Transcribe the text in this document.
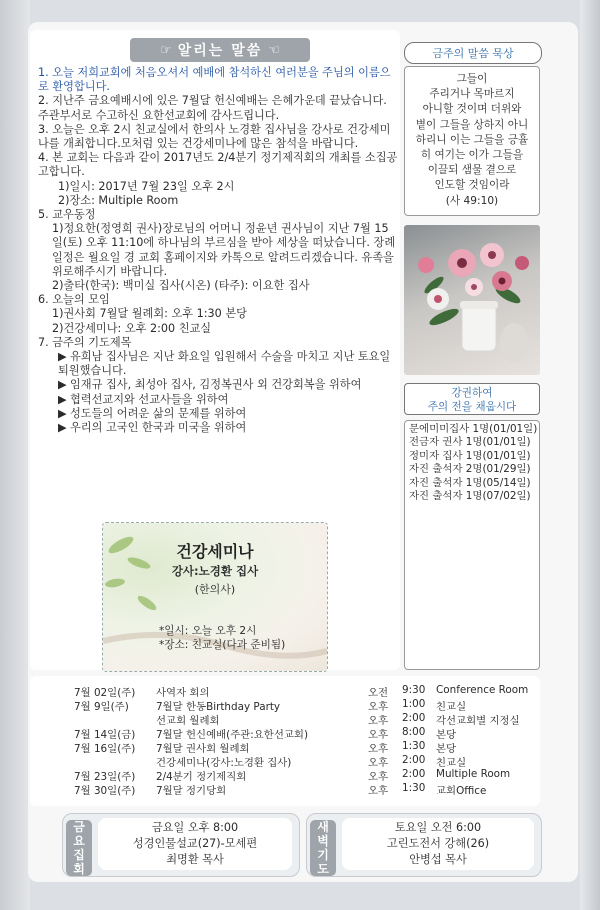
☞ 알리는 말씀 ☜

1. 오늘 저희교회에 처음오셔서 예배에 참석하신 여러분을 주님의 이름으로 환영합니다.

2. 지난주 금요예배시에 있은 7월달 헌신예배는 은혜가운데 끝났습니다. 주관부서로 수고하신 요한선교회에 감사드립니다.

3. 오늘은 오후 2시 친교실에서 한의사 노경환 집사님을 강사로 건강세미나를 개최합니다.모처럼 있는 건강세미나에 많은 참석을 바랍니다.

4. 본 교회는 다음과 같이 2017년도 2/4분기 정기제직회의 개최를 소집공고합니다.

1)일시: 2017년 7월 23일 오후 2시

2)장소: Multiple Room

5. 교우동정

1)정요한(정영희 권사)장로님의 어머니 정윤년 권사님이 지난 7월 15일(토) 오후 11:10에 하나님의 부르심을 받아 세상을 떠났습니다. 장례일정은 월요일 경 교회 홈페이지와 카톡으로 알려드리겠습니다. 유족을 위로해주시기 바랍니다.

2)출타(한국): 백미실 집사(시온) (타주): 이요한 집사

6. 오늘의 모임

1)권사회 7월달 월례회: 오후 1:30 본당

2)건강세미나: 오후 2:00 친교실

7. 금주의 기도제목

▶ 유희남 집사님은 지난 화요일 입원해서 수술을 마치고 지난 토요일 퇴원했습니다.

▶ 임재규 집사, 최성아 집사, 김정복권사 외 건강회복을 위하여

▶ 협력선교지와 선교사들을 위하여

▶ 성도들의 어려운 삶의 문제를 위하여

▶ 우리의 고국인 한국과 미국을 위하여

금주의 말씀 묵상
그들이
주리거나 목마르지
아니할 것이며 더위와
볕이 그들을 상하지 아니
하리니 이는 그들을 긍휼
히 여기는 이가 그들을
이끌되 샘물 곁으로
인도할 것임이라
(사 49:10)
강권하여
주의 전을 채웁시다
문에미미집사 1명(01/01일)
전금자 권사 1명(01/01일)
정미자 집사 1명(01/01일)
자진 출석자 2명(01/29일)
자진 출석자 1명(05/14일)
자진 출석자 1명(07/02일)
건강세미나
강사:노경환 집사
(한의사)
*일시: 오늘 오후 2시
*장소: 친교실(다과 준비됨)
7월 02일(주) 사역자 회의	오전 9:30 Conference Room
7월 9일(주)	7월달 한동Birthday Party	오후 1:00 친교실
선교회 월례회	오후 2:00 각선교회별 지정실
7월 14일(금) 7월달 헌신예배(주관:요한선교회)	오후 8:00 본당
7월 16일(주) 7월달 권사회 월례회	오후 1:30 본당
건강세미나(강사:노경환 집사)	오후 2:00 친교실
7월 23일(주) 2/4분기 정기제직회	오후 2:00 Multiple Room
7월 30일(주) 7월달 정기당회	오후 1:30 교회Office
금
요
집
회
금요일 오후 8:00
성경인물설교(27)-모세편
최명환 목사
새
벽
기
도
토요일 오전 6:00
고린도전서 강해(26)
안병섭 목사
